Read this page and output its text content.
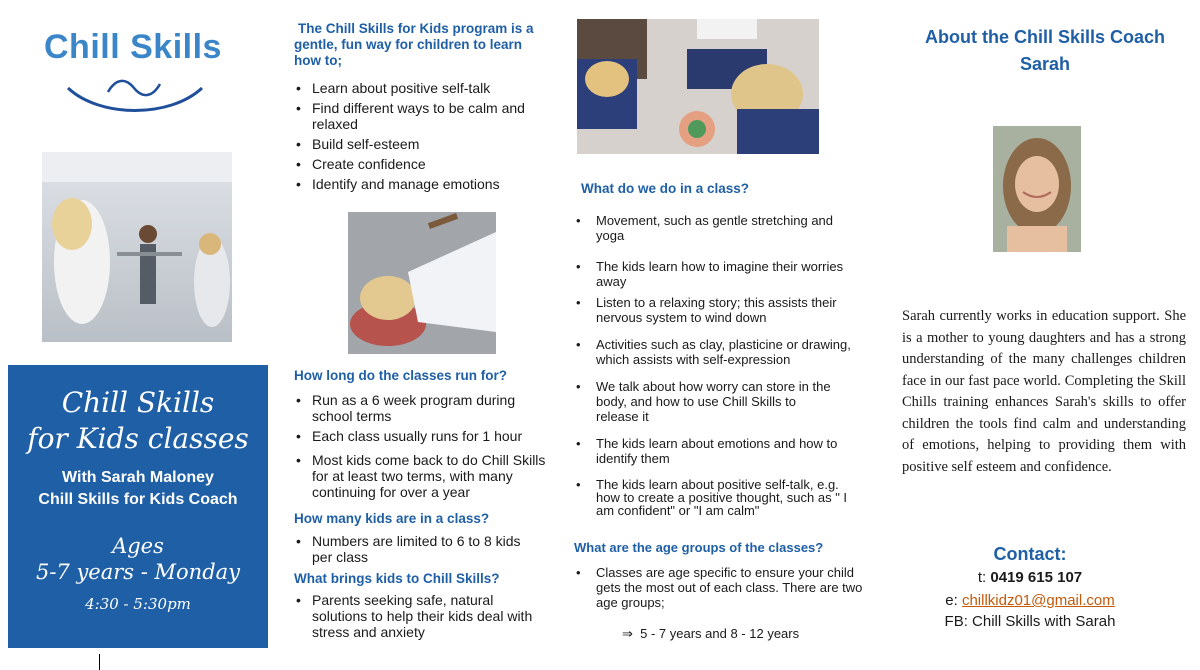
Chill Skills
Chill Skills
for Kids classes
With Sarah Maloney
Chill Skills for Kids Coach
Ages
5-7 years - Monday
4:30 - 5:30pm
The Chill Skills for Kids program is a gentle, fun way for children to learn how to;
• Learn about positive self-talk
• Find different ways to be calm and relaxed
• Build self-esteem
• Create confidence
• Identify and manage emotions
How long do the classes run for?
• Run as a 6 week program during school terms
• Each class usually runs for 1 hour
• Most kids come back to do Chill Skills for at least two terms, with many continuing for over a year
How many kids are in a class?
• Numbers are limited to 6 to 8 kids per class
What brings kids to Chill Skills?
• Parents seeking safe, natural solutions to help their kids deal with stress and anxiety
What do we do in a class?
• Movement, such as gentle stretching and yoga
• The kids learn how to imagine their worries away
• Listen to a relaxing story; this assists their nervous system to wind down
• Activities such as clay, plasticine or drawing, which assists with self-expression
• We talk about how worry can store in the body, and how to use Chill Skills to release it
• The kids learn about emotions and how to identify them
• The kids learn about positive self-talk, e.g. how to create a positive thought, such as " I am confident" or "I am calm"
What are the age groups of the classes?
• Classes are age specific to ensure your child gets the most out of each class. There are two age groups;
⇒ 5 - 7 years and 8 - 12 years
About the Chill Skills Coach
Sarah
Sarah currently works in education support. She is a mother to young daughters and has a strong understanding of the many challenges children face in our fast pace world. Completing the Skill Chills training enhances Sarah's skills to offer children the tools find calm and understanding of emotions, helping to providing them with positive self esteem and confidence.
Contact:
t: 0419 615 107
e: chillkidz01@gmail.com
FB: Chill Skills with Sarah
